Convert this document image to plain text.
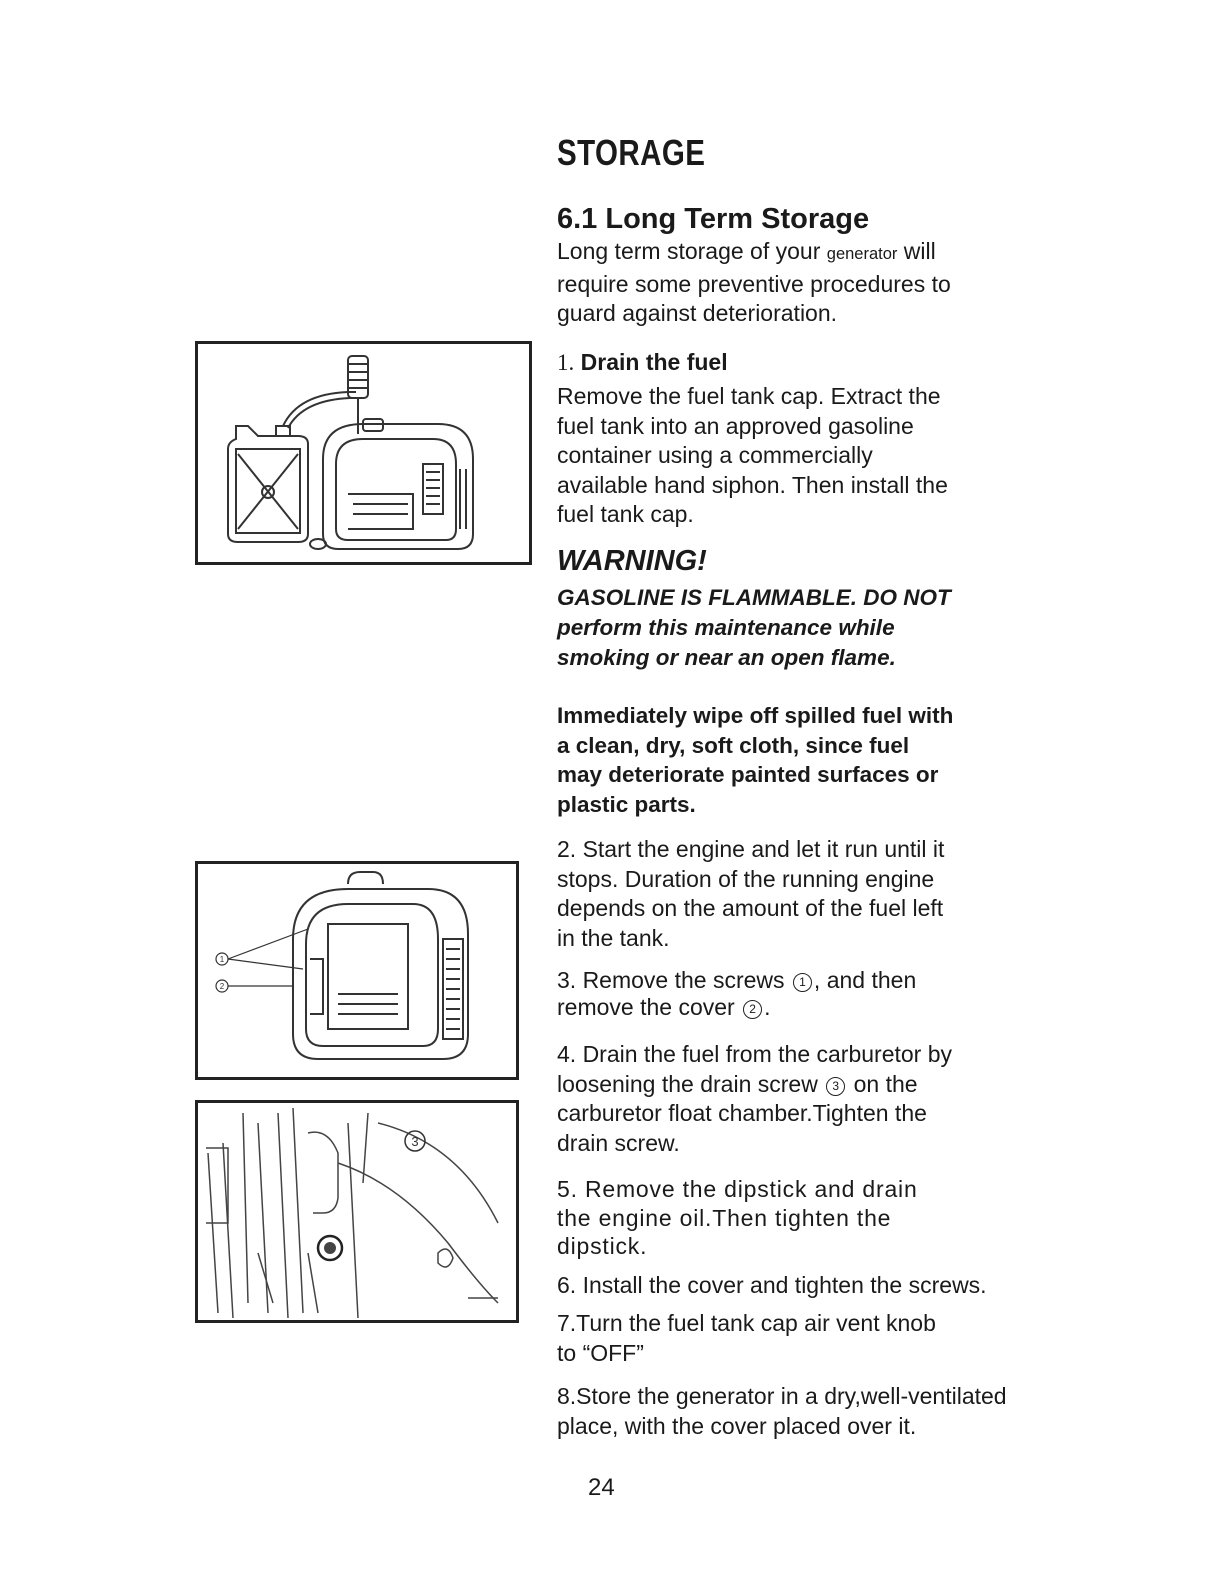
STORAGE
6.1 Long Term Storage

Long term storage of your generator will
require some preventive procedures to
guard against deterioration.

1. Drain the fuel

Remove the fuel tank cap. Extract the
fuel tank into an approved gasoline
container using a commercially
available hand siphon. Then install the
fuel tank cap.

WARNING!

GASOLINE IS FLAMMABLE. DO NOT
perform this maintenance while
smoking or near an open flame.

Immediately wipe off spilled fuel with
a clean, dry, soft cloth, since fuel
may deteriorate painted surfaces or
plastic parts.

1
2
3

2. Start the engine and let it run until it
stops. Duration of the running engine
depends on the amount of the fuel left
in the tank.

3. Remove the screws 1 , and then
remove the cover 2 .

4. Drain the fuel from the carburetor by
loosening the drain screw 3 on the
carburetor float chamber.Tighten the
drain screw.

5. Remove the dipstick and drain
the engine oil.Then tighten the
dipstick.

6. Install the cover and tighten the screws.

7.Turn the fuel tank cap air vent knob
to “OFF”

8.Store the generator in a dry,well-ventilated
place, with the cover placed over it.

24
